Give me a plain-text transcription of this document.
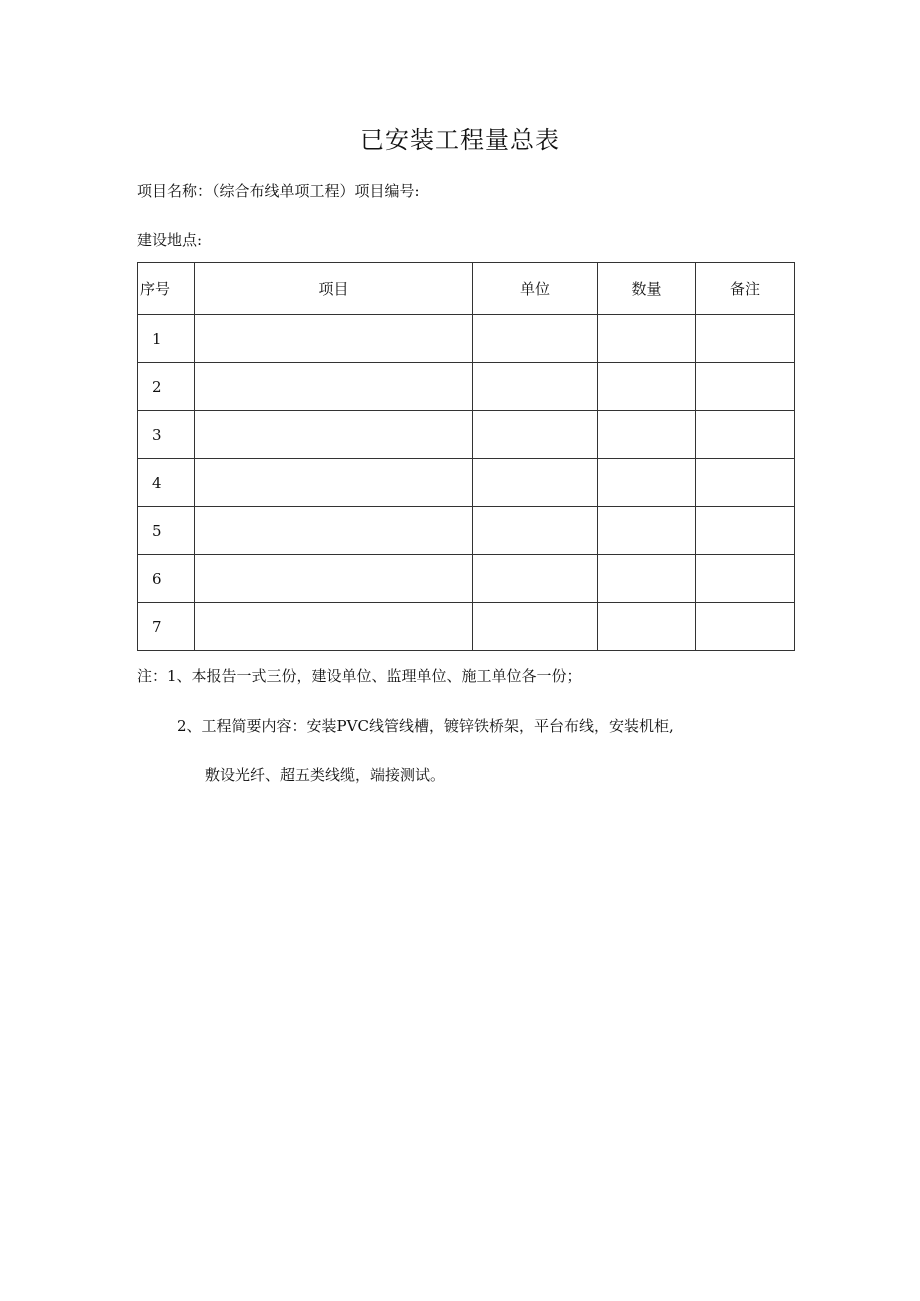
已安装工程量总表
项目名称：（综合布线单项工程）项目编号:
建设地点:
序号	项目	单位	数量	备注
1				
2				
3				
4				
5				
6				
7				
注：1、本报告一式三份，建设单位、监理单位、施工单位各一份；
2、工程简要内容：安装PVC线管线槽，镀锌铁桥架，平台布线，安装机柜,
敷设光纤、超五类线缆，端接测试。
